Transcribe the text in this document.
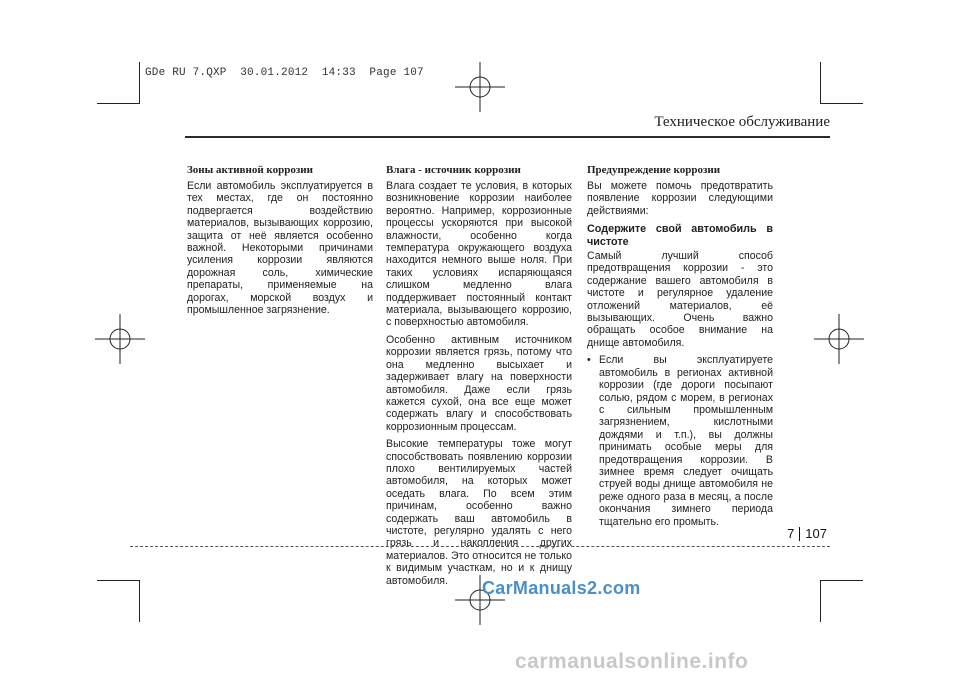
GDe RU 7.QXP  30.01.2012  14:33  Page 107
Техническое обслуживание
Зоны активной коррозии

Если автомобиль эксплуатируется в тех местах, где он постоянно подвергается воздействию материалов, вызывающих коррозию, защита от неё является особенно важной. Некоторыми причинами усиления коррозии являются дорожная соль, химические препараты, применяемые на дорогах, морской воздух и промышленное загрязнение.

Влага - источник коррозии

Влага создает те условия, в которых возникновение коррозии наиболее вероятно. Например, коррозионные процессы ускоряются при высокой влажности, особенно когда температура окружающего воздуха находится немного выше ноля. При таких условиях испаряющаяся слишком медленно влага поддерживает постоянный контакт материала, вызывающего коррозию, с поверхностью автомобиля.

Особенно активным источником коррозии является грязь, потому что она медленно высыхает и задерживает влагу на поверхности автомобиля. Даже если грязь кажется сухой, она все еще может содержать влагу и способствовать коррозионным процессам.

Высокие температуры тоже могут способствовать появлению коррозии плохо вентилируемых частей автомобиля, на которых может оседать влага. По всем этим причинам, особенно важно содержать ваш автомобиль в чистоте, регулярно удалять с него грязь и накопления других материалов. Это относится не только к видимым участкам, но и к днищу автомобиля.

Предупреждение коррозии

Вы можете помочь предотвратить появление коррозии следующими действиями:

Содержите свой автомобиль в чистоте

Самый лучший способ предотвращения коррозии - это содержание вашего автомобиля в чистоте и регулярное удаление отложений материалов, её вызывающих. Очень важно обращать особое внимание на днище автомобиля.

• Если вы эксплуатируете автомобиль в регионах активной коррозии (где дороги посыпают солью, рядом с морем, в регионах с сильным промышленным загрязнением, кислотными дождями и т.п.), вы должны принимать особые меры для предотвращения коррозии. В зимнее время следует очищать струей воды днище автомобиля не реже одного раза в месяц, а после окончания зимнего периода тщательно его промыть.
7 107
CarManuals2.com
carmanualsonline.info
